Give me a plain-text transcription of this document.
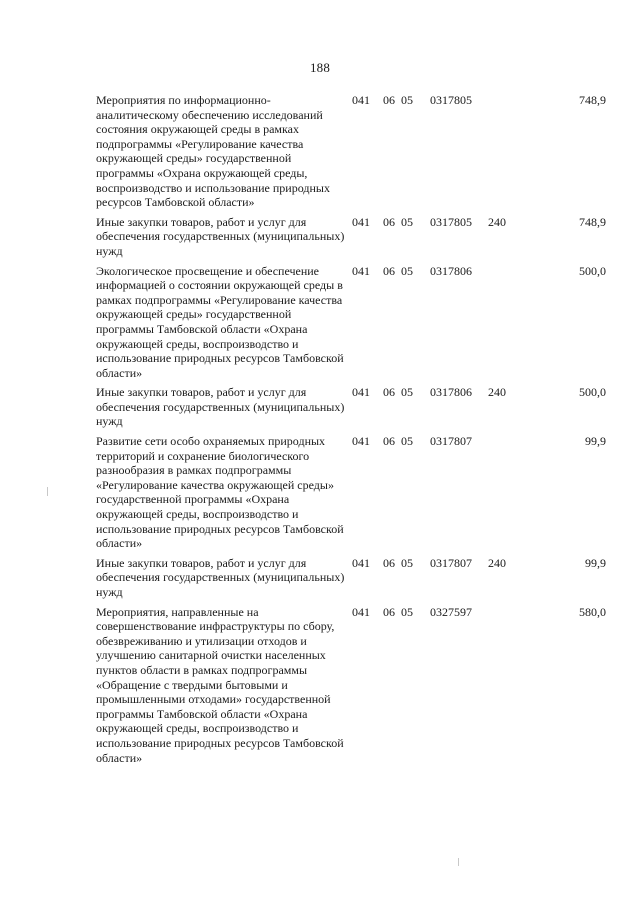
188
Мероприятия по информационно-аналитическому обеспечению исследований состояния окружающей среды в рамках подпрограммы «Регулирование качества окружающей среды» государственной программы «Охрана окружающей среды, воспроизводство и использование природных ресурсов Тамбовской области»	041	06	05	0317805		748,9
Иные закупки товаров, работ и услуг для обеспечения государственных (муниципальных) нужд	041	06	05	0317805	240	748,9
Экологическое просвещение и обеспечение информацией о состоянии окружающей среды в рамках подпрограммы «Регулирование качества окружающей среды» государственной программы Тамбовской области «Охрана окружающей среды, воспроизводство и использование природных ресурсов Тамбовской области»	041	06	05	0317806		500,0
Иные закупки товаров, работ и услуг для обеспечения государственных (муниципальных) нужд	041	06	05	0317806	240	500,0
Развитие сети особо охраняемых природных территорий и сохранение биологического разнообразия в рамках подпрограммы «Регулирование качества окружающей среды» государственной программы «Охрана окружающей среды, воспроизводство и использование природных ресурсов Тамбовской области»	041	06	05	0317807		99,9
Иные закупки товаров, работ и услуг для обеспечения государственных (муниципальных) нужд	041	06	05	0317807	240	99,9
Мероприятия, направленные на совершенствование инфраструктуры по сбору, обезвреживанию и утилизации отходов и улучшению санитарной очистки населенных пунктов области в рамках подпрограммы «Обращение с твердыми бытовыми и промышленными отходами» государственной программы Тамбовской области «Охрана окружающей среды, воспроизводство и использование природных ресурсов Тамбовской области»	041	06	05	0327597		580,0
